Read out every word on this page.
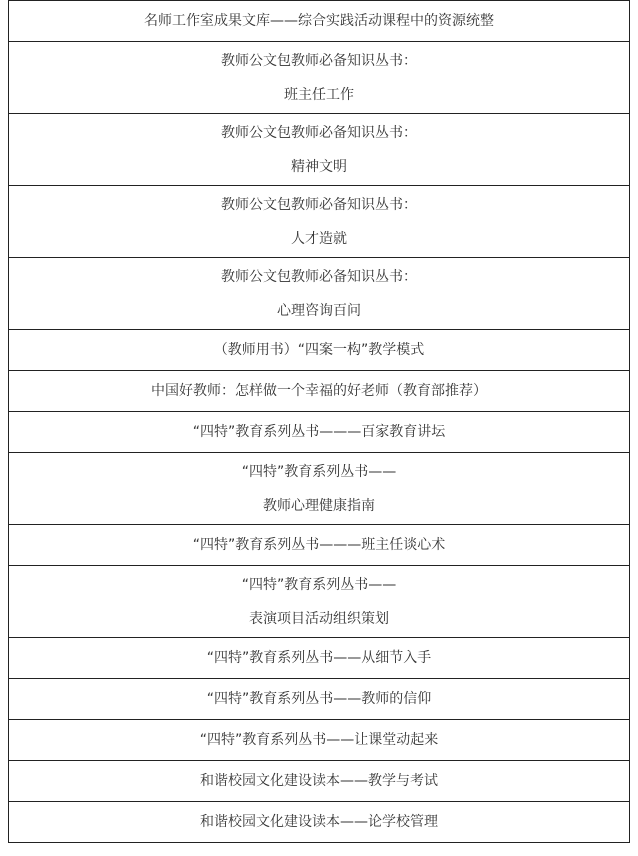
名师工作室成果文库——综合实践活动课程中的资源统整

教师公文包教师必备知识丛书：
班主任工作

教师公文包教师必备知识丛书：
精神文明

教师公文包教师必备知识丛书：
人才造就

教师公文包教师必备知识丛书：
心理咨询百问

（教师用书）“四案一构”教学模式

中国好教师：怎样做一个幸福的好老师（教育部推荐）

“四特”教育系列丛书———百家教育讲坛

“四特”教育系列丛书——
教师心理健康指南

“四特”教育系列丛书———班主任谈心术

“四特”教育系列丛书——
表演项目活动组织策划

“四特”教育系列丛书——从细节入手

“四特”教育系列丛书——教师的信仰

“四特”教育系列丛书——让课堂动起来

和谐校园文化建设读本——教学与考试

和谐校园文化建设读本——论学校管理
